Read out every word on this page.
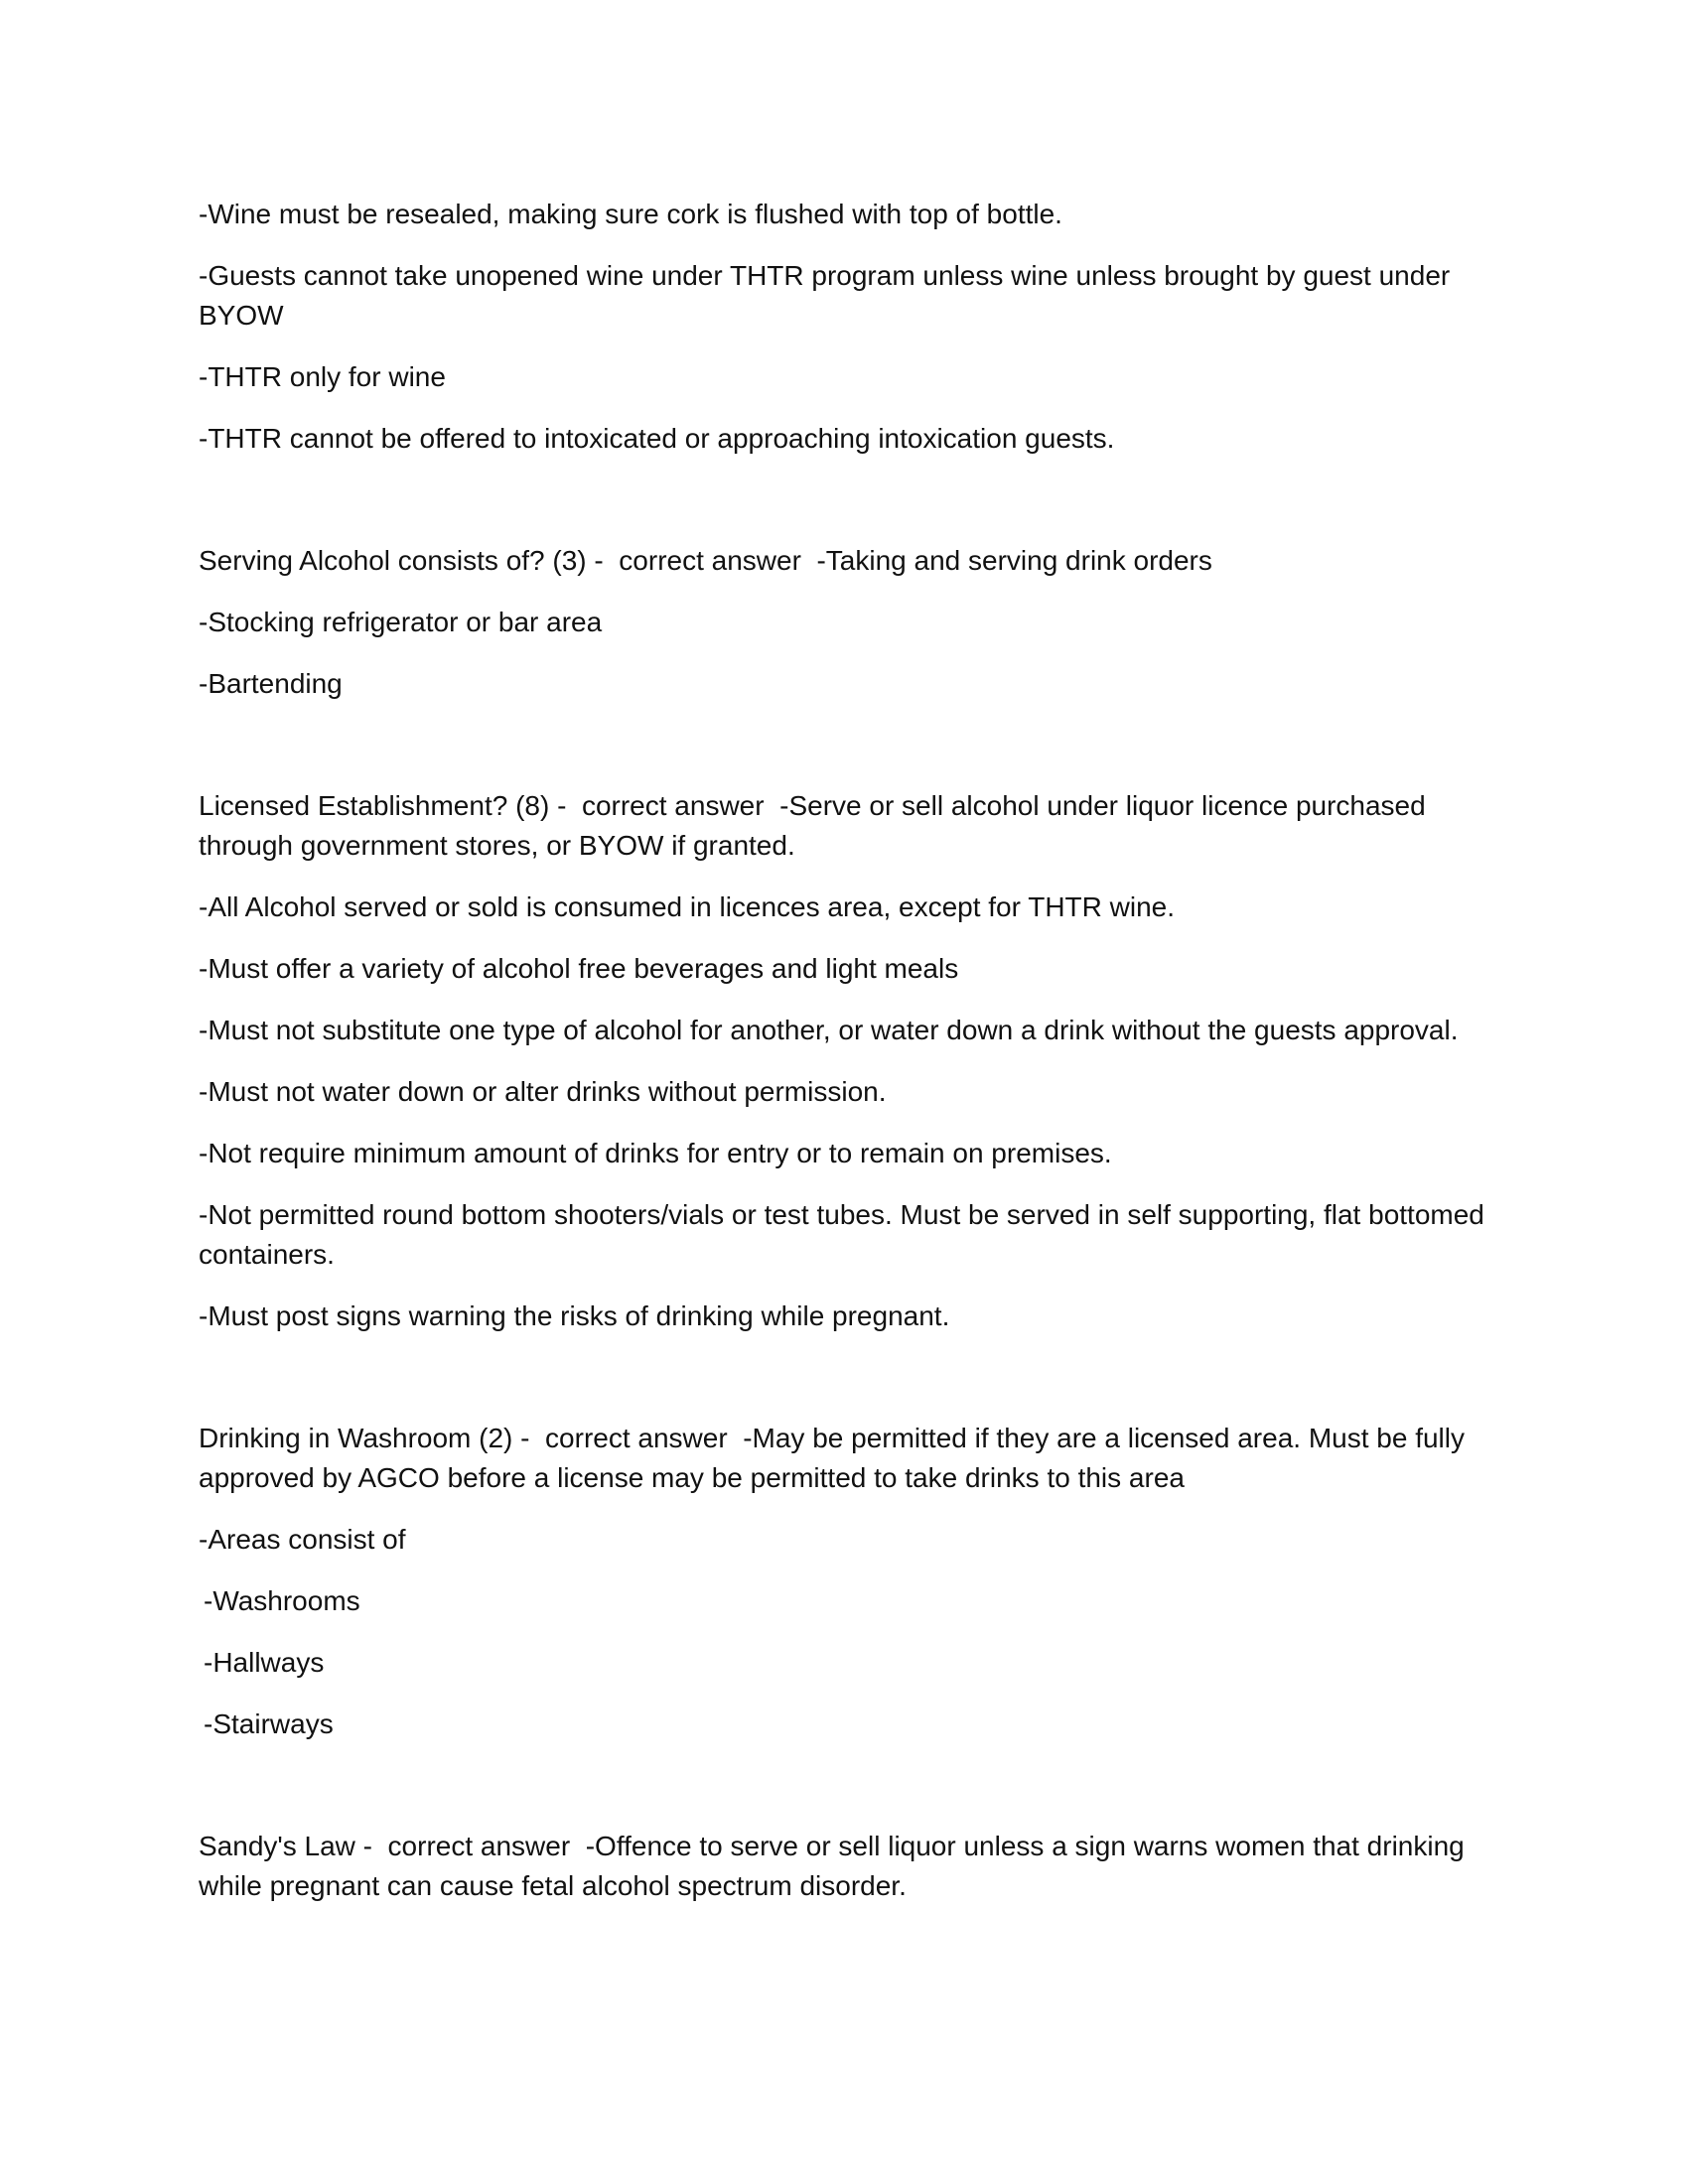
-Wine must be resealed, making sure cork is flushed with top of bottle.

-Guests cannot take unopened wine under THTR program unless wine unless brought by guest under BYOW

-THTR only for wine

-THTR cannot be offered to intoxicated or approaching intoxication guests.

Serving Alcohol consists of? (3) -  correct answer  -Taking and serving drink orders

-Stocking refrigerator or bar area

-Bartending

Licensed Establishment? (8) -  correct answer  -Serve or sell alcohol under liquor licence purchased through government stores, or BYOW if granted.

-All Alcohol served or sold is consumed in licences area, except for THTR wine.

-Must offer a variety of alcohol free beverages and light meals

-Must not substitute one type of alcohol for another, or water down a drink without the guests approval.

-Must not water down or alter drinks without permission.

-Not require minimum amount of drinks for entry or to remain on premises.

-Not permitted round bottom shooters/vials or test tubes. Must be served in self supporting, flat bottomed containers.

-Must post signs warning the risks of drinking while pregnant.

Drinking in Washroom (2) -  correct answer  -May be permitted if they are a licensed area. Must be fully approved by AGCO before a license may be permitted to take drinks to this area

-Areas consist of

-Washrooms

-Hallways

-Stairways

Sandy's Law -  correct answer  -Offence to serve or sell liquor unless a sign warns women that drinking while pregnant can cause fetal alcohol spectrum disorder.
